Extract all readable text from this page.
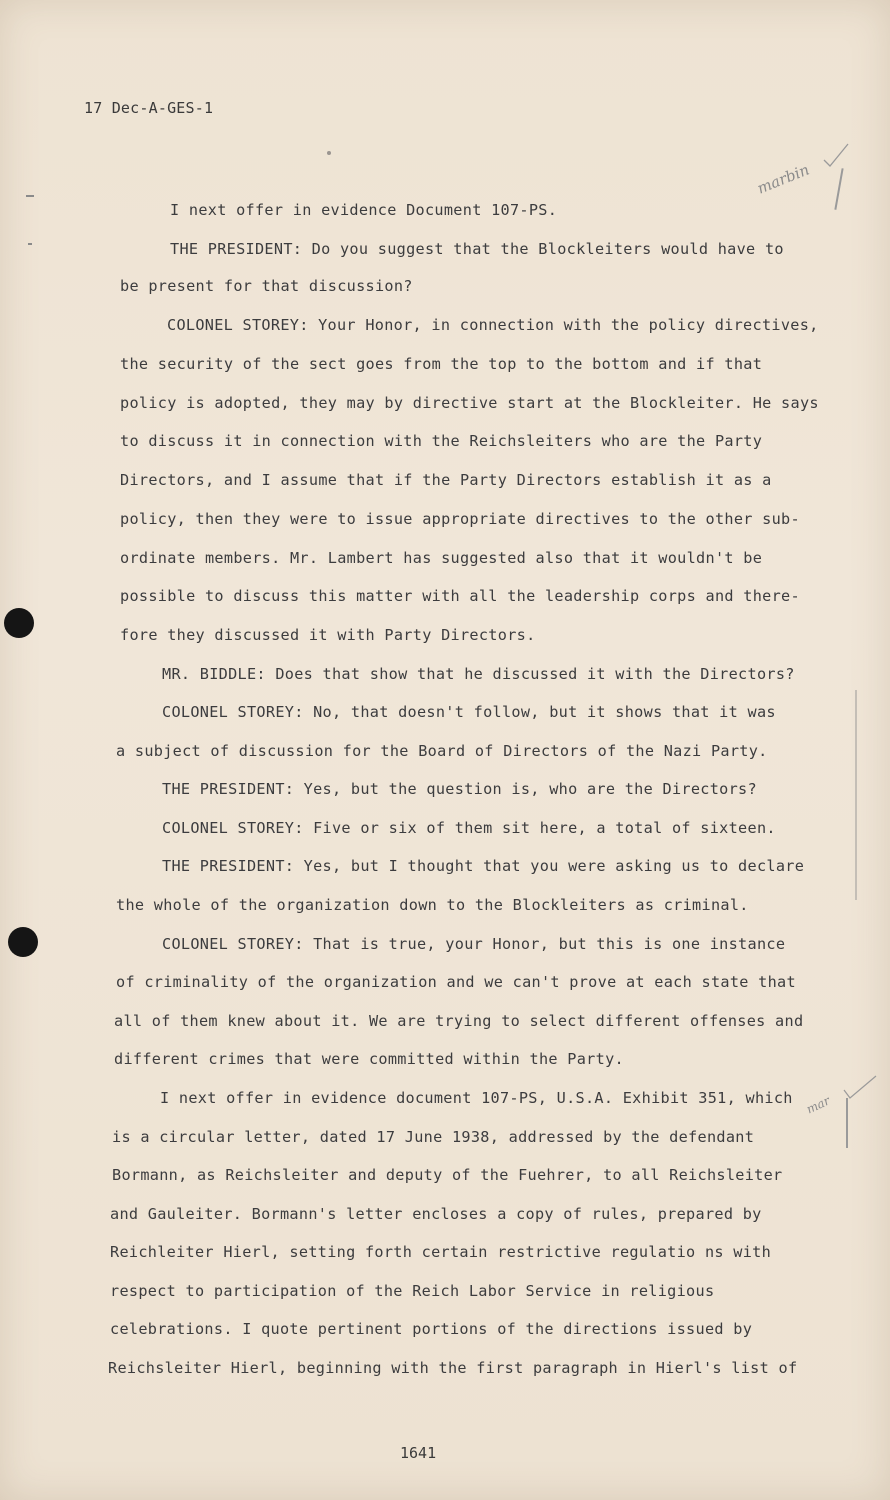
17 Dec-A-GES-1
I next offer in evidence Document 107-PS.
THE PRESIDENT: Do you suggest that the Blockleiters would have to
be present for that discussion?
COLONEL STOREY: Your Honor, in connection with the policy directives,
the security of the sect goes from the top to the bottom and if that
policy is adopted, they may by directive start at the Blockleiter. He says
to discuss it in connection with the Reichsleiters who are the Party
Directors, and I assume that if the Party Directors establish it as a
policy, then they were to issue appropriate directives to the other sub-
ordinate members. Mr. Lambert has suggested also that it wouldn't be
possible to discuss this matter with all the leadership corps and there-
fore they discussed it with Party Directors.
MR. BIDDLE: Does that show that he discussed it with the Directors?
COLONEL STOREY: No, that doesn't follow, but it shows that it was
a subject of discussion for the Board of Directors of the Nazi Party.
THE PRESIDENT: Yes, but the question is, who are the Directors?
COLONEL STOREY: Five or six of them sit here, a total of sixteen.
THE PRESIDENT: Yes, but I thought that you were asking us to declare
the whole of the organization down to the Blockleiters as criminal.
COLONEL STOREY: That is true, your Honor, but this is one instance
of criminality of the organization and we can't prove at each state that
all of them knew about it. We are trying to select different offenses and
different crimes that were committed within the Party.
I next offer in evidence document 107-PS, U.S.A. Exhibit 351, which
is a circular letter, dated 17 June 1938, addressed by the defendant
Bormann, as Reichsleiter and deputy of the Fuehrer, to all Reichsleiter
and Gauleiter. Bormann's letter encloses a copy of rules, prepared by
Reichleiter Hierl, setting forth certain restrictive regulatio ns with
respect to participation of the Reich Labor Service in religious
celebrations. I quote pertinent portions of the directions issued by
Reichsleiter Hierl, beginning with the first paragraph in Hierl's list of
marbin
mar
1641
